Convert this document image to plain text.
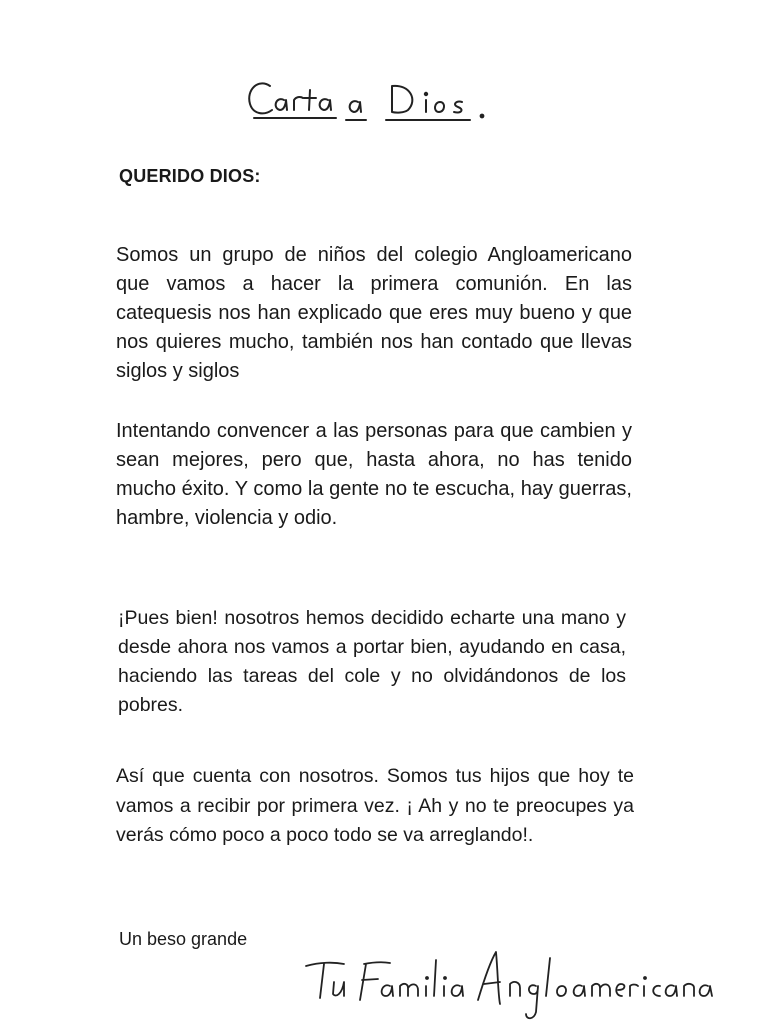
QUERIDO DIOS:

Somos un grupo de niños del colegio Angloamericano que vamos a hacer la primera comunión. En las catequesis nos han explicado que eres muy bueno y que nos quieres mucho, también nos han contado que llevas siglos y siglos

Intentando convencer a las personas para que cambien y sean mejores, pero que, hasta ahora, no has tenido mucho éxito. Y como la gente no te escucha, hay guerras, hambre, violencia y odio.

¡Pues bien! nosotros hemos decidido echarte una mano y desde ahora nos vamos a portar bien, ayudando en casa, haciendo las tareas del cole y no olvidándonos de los pobres.

Así que cuenta con nosotros. Somos tus hijos que hoy te vamos a recibir por primera vez. ¡ Ah y no te preocupes ya verás cómo poco a poco todo se va arreglando!.

Un beso grande
